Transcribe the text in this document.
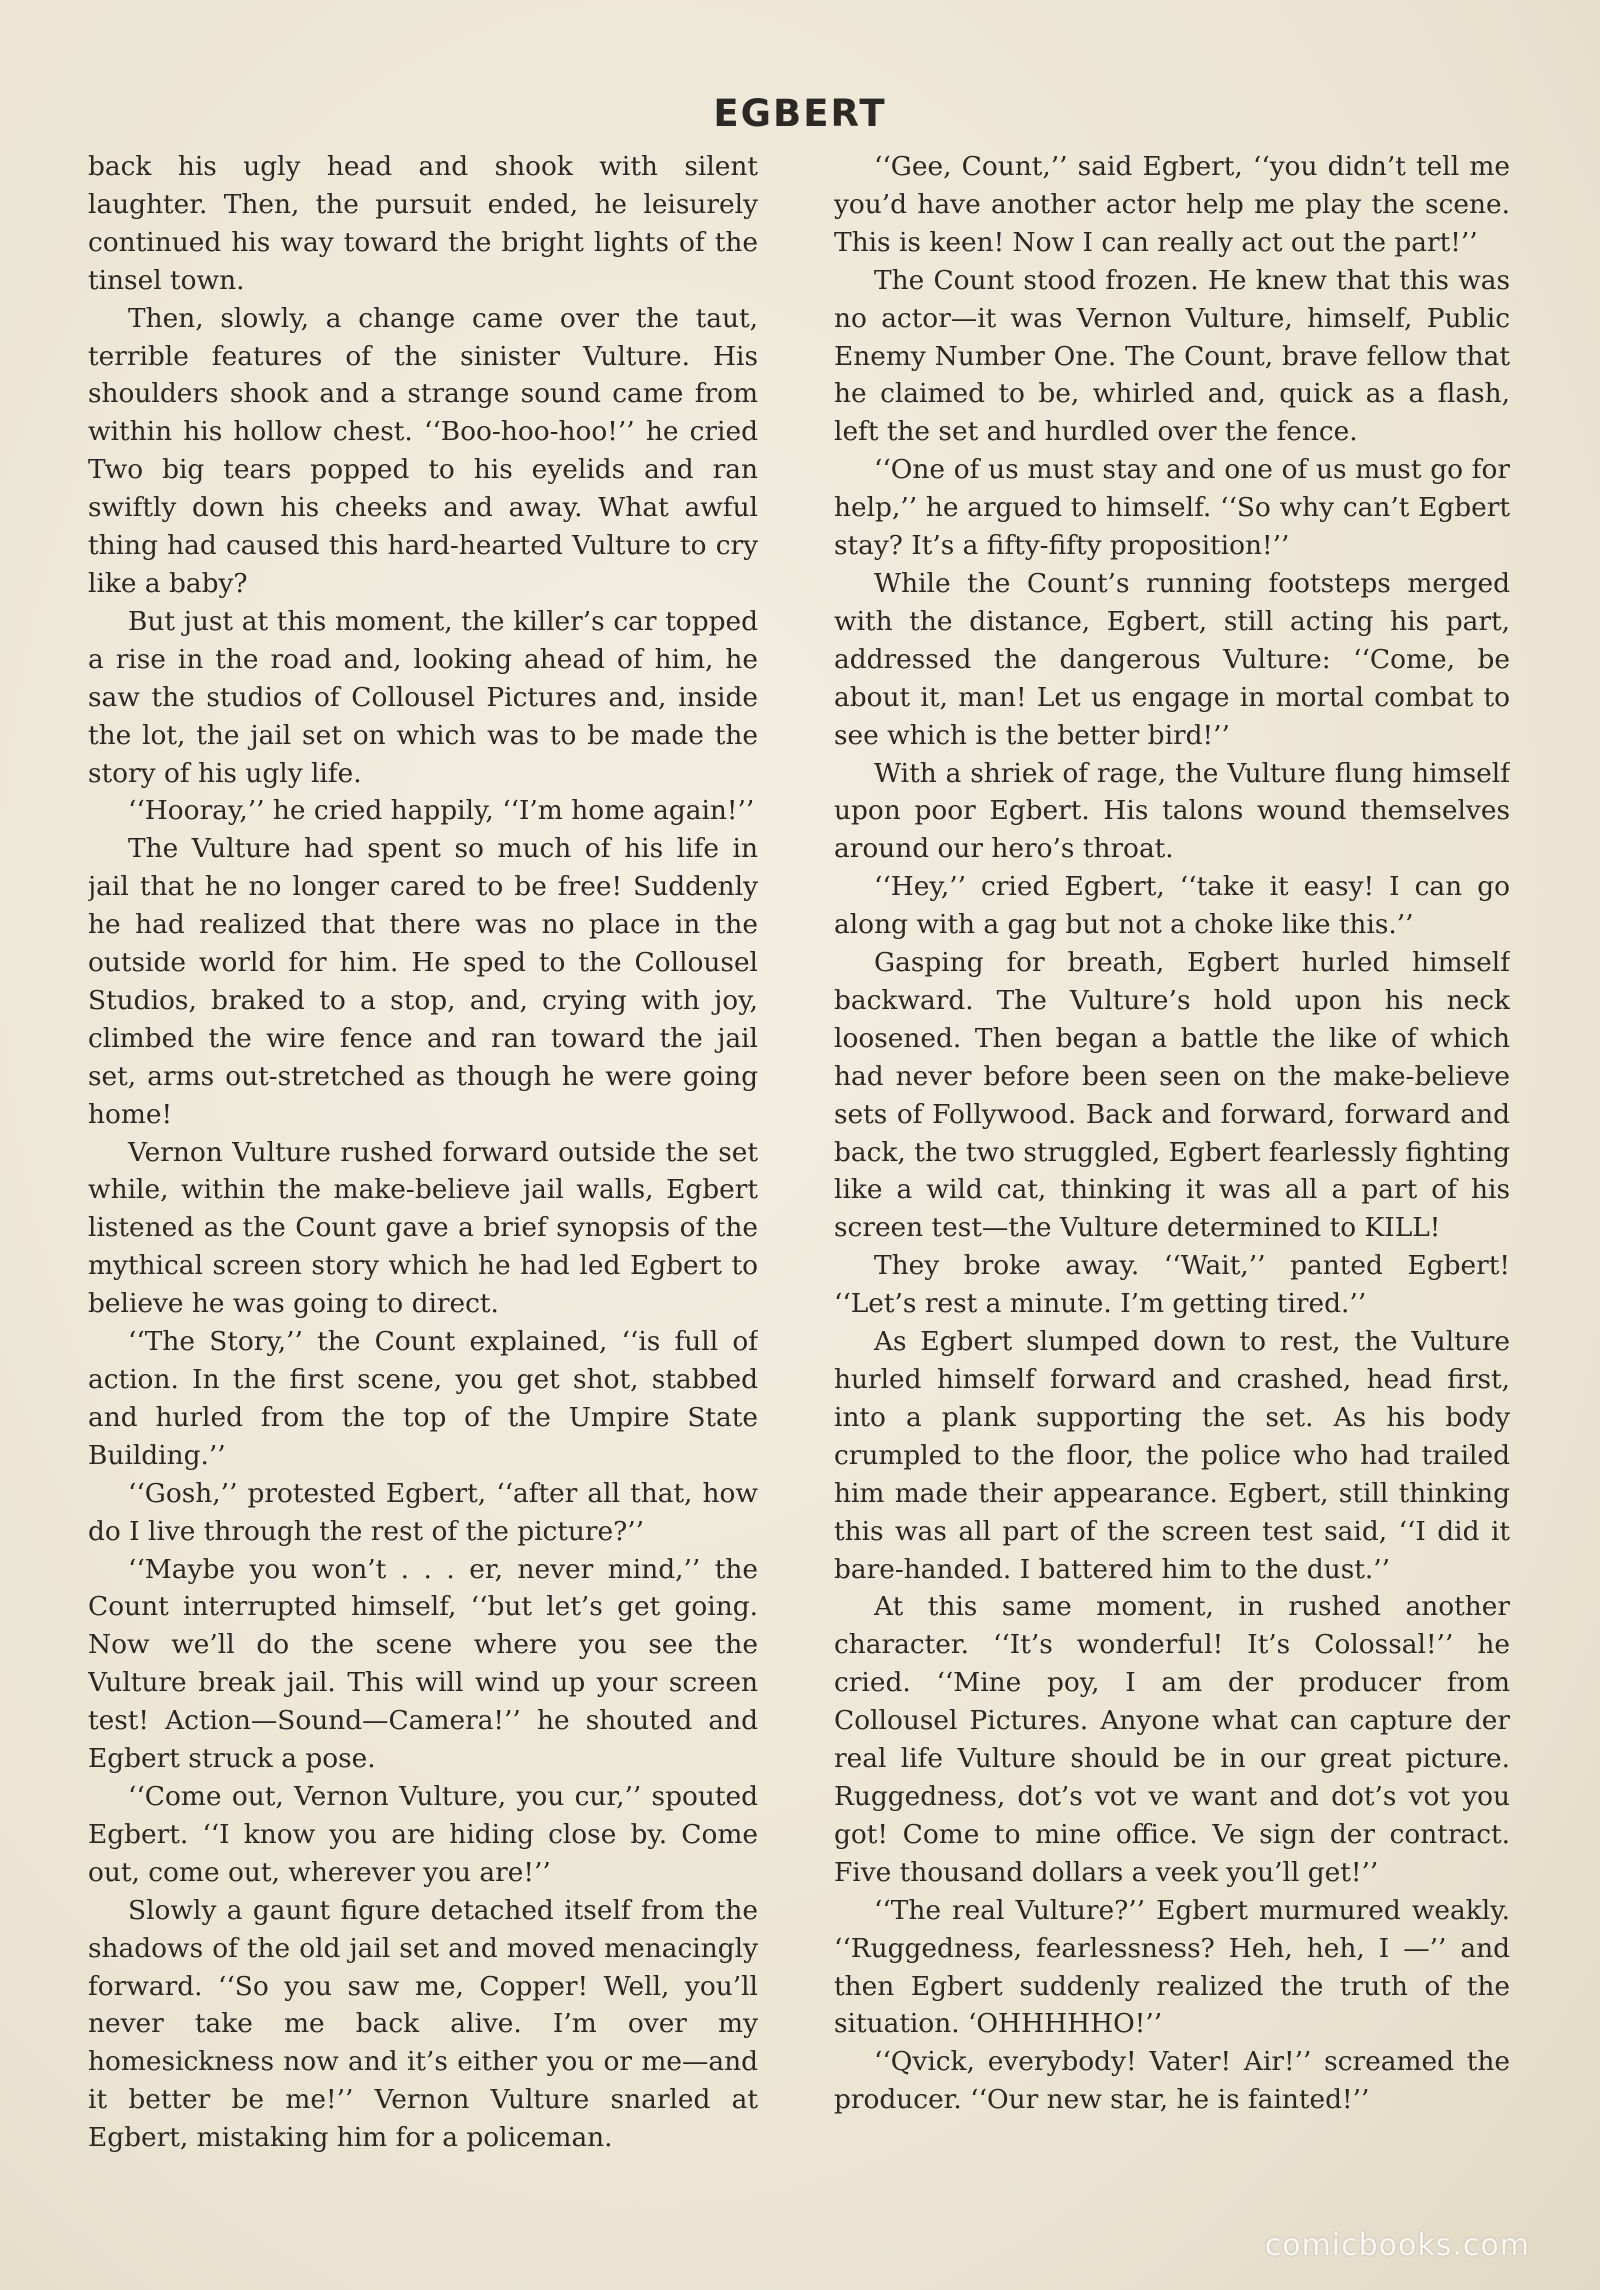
EGBERT

back his ugly head and shook with silent laughter. Then, the pursuit ended, he leisurely continued his way toward the bright lights of the tinsel town.

Then, slowly, a change came over the taut, terrible features of the sinister Vulture. His shoulders shook and a strange sound came from within his hollow chest. ‘‘Boo-hoo-hoo!’’ he cried Two big tears popped to his eyelids and ran swiftly down his cheeks and away. What awful thing had caused this hard-hearted Vulture to cry like a baby?

But just at this moment, the killer’s car topped a rise in the road and, looking ahead of him, he saw the studios of Collousel Pictures and, inside the lot, the jail set on which was to be made the story of his ugly life.

‘‘Hooray,’’ he cried happily, ‘‘I’m home again!’’

The Vulture had spent so much of his life in jail that he no longer cared to be free! Suddenly he had realized that there was no place in the outside world for him. He sped to the Collousel Studios, braked to a stop, and, crying with joy, climbed the wire fence and ran toward the jail set, arms out-stretched as though he were going home!

Vernon Vulture rushed forward outside the set while, within the make-believe jail walls, Egbert listened as the Count gave a brief synopsis of the mythical screen story which he had led Egbert to believe he was going to direct.

‘‘The Story,’’ the Count explained, ‘‘is full of action. In the first scene, you get shot, stabbed and hurled from the top of the Umpire State Building.’’

‘‘Gosh,’’ protested Egbert, ‘‘after all that, how do I live through the rest of the picture?’’

‘‘Maybe you won’t . . . er, never mind,’’ the Count interrupted himself, ‘‘but let’s get going. Now we’ll do the scene where you see the Vulture break jail. This will wind up your screen test! Action—Sound—Camera!’’ he shouted and Egbert struck a pose.

‘‘Come out, Vernon Vulture, you cur,’’ spouted Egbert. ‘‘I know you are hiding close by. Come out, come out, wherever you are!’’

Slowly a gaunt figure detached itself from the shadows of the old jail set and moved menacingly forward. ‘‘So you saw me, Copper! Well, you’ll never take me back alive. I’m over my homesickness now and it’s either you or me—and it better be me!’’ Vernon Vulture snarled at Egbert, mistaking him for a policeman.

‘‘Gee, Count,’’ said Egbert, ‘‘you didn’t tell me you’d have another actor help me play the scene. This is keen! Now I can really act out the part!’’

The Count stood frozen. He knew that this was no actor—it was Vernon Vulture, himself, Public Enemy Number One. The Count, brave fellow that he claimed to be, whirled and, quick as a flash, left the set and hurdled over the fence.

‘‘One of us must stay and one of us must go for help,’’ he argued to himself. ‘‘So why can’t Egbert stay? It’s a fifty-fifty proposition!’’

While the Count’s running footsteps merged with the distance, Egbert, still acting his part, addressed the dangerous Vulture: ‘‘Come, be about it, man! Let us engage in mortal combat to see which is the better bird!’’

With a shriek of rage, the Vulture flung himself upon poor Egbert. His talons wound themselves around our hero’s throat.

‘‘Hey,’’ cried Egbert, ‘‘take it easy! I can go along with a gag but not a choke like this.’’

Gasping for breath, Egbert hurled himself backward. The Vulture’s hold upon his neck loosened. Then began a battle the like of which had never before been seen on the make-believe sets of Follywood. Back and forward, forward and back, the two struggled, Egbert fearlessly fighting like a wild cat, thinking it was all a part of his screen test—the Vulture determined to KILL!

They broke away. ‘‘Wait,’’ panted Egbert! ‘‘Let’s rest a minute. I’m getting tired.’’

As Egbert slumped down to rest, the Vulture hurled himself forward and crashed, head first, into a plank supporting the set. As his body crumpled to the floor, the police who had trailed him made their appearance. Egbert, still thinking this was all part of the screen test said, ‘‘I did it bare-handed. I battered him to the dust.’’

At this same moment, in rushed another character. ‘‘It’s wonderful! It’s Colossal!’’ he cried. ‘‘Mine poy, I am der producer from Collousel Pictures. Anyone what can capture der real life Vulture should be in our great picture. Ruggedness, dot’s vot ve want and dot’s vot you got! Come to mine office. Ve sign der contract. Five thousand dollars a veek you’ll get!’’

‘‘The real Vulture?’’ Egbert murmured weakly. ‘‘Ruggedness, fearlessness? Heh, heh, I —’’ and then Egbert suddenly realized the truth of the situation. ‘OHHHHHO!’’

‘‘Qvick, everybody! Vater! Air!’’ screamed the producer. ‘‘Our new star, he is fainted!’’

comicbooks.com
